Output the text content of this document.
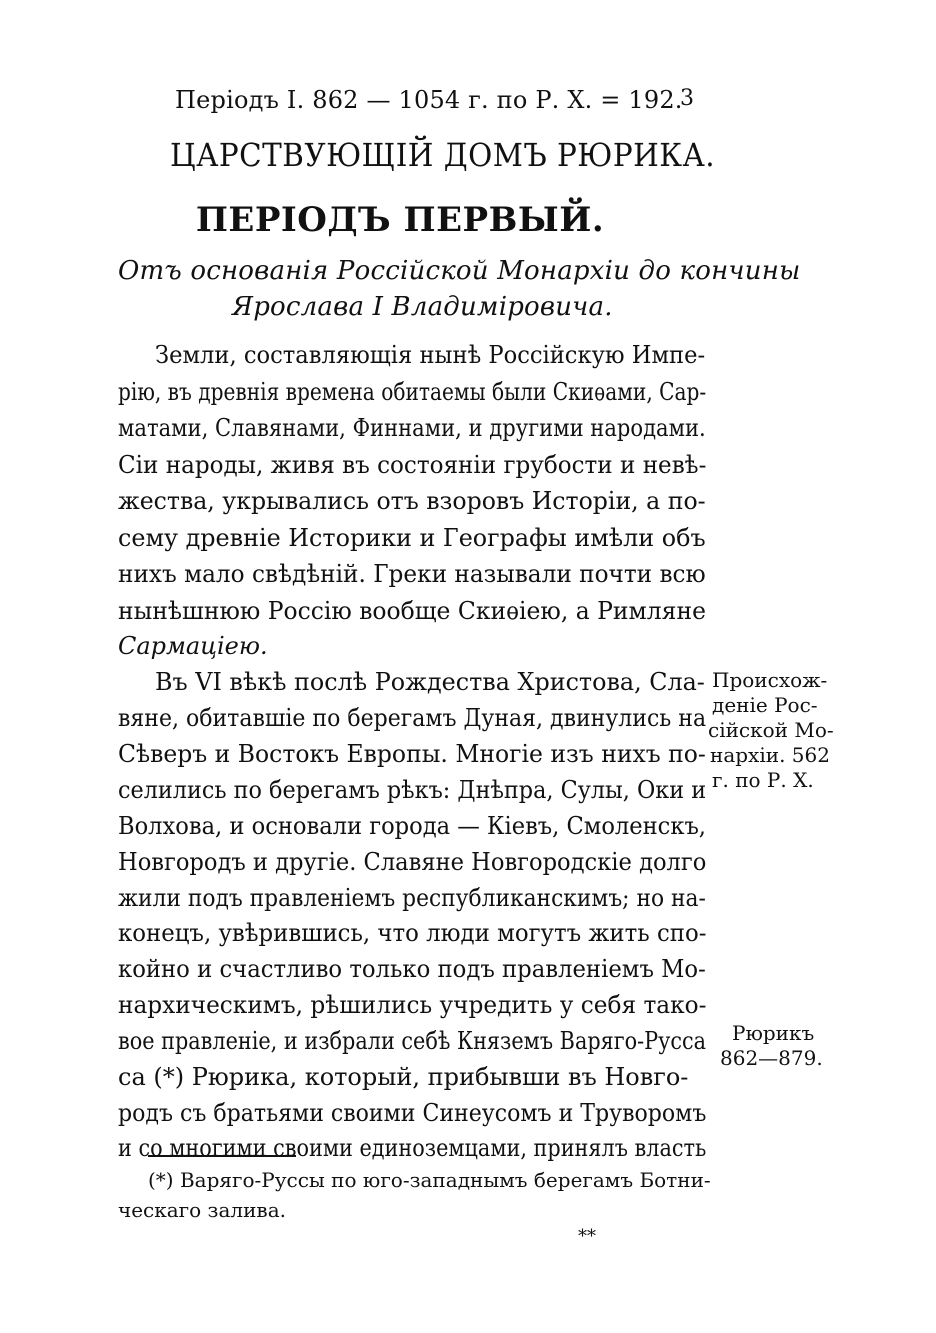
Періодъ I. 862 — 1054 г. по Р. Х. = 192.
3
ЦАРСТВУЮЩІЙ ДОМЪ РЮРИКА.
ПЕРІОДЪ ПЕРВЫЙ.
Отъ основанія Россійской Монархіи до кончины
Ярослава I Владиміровича.
Земли, составляющія нынѣ Россійскую Импе-
рію, въ древнія времена обитаемы были Скиѳами, Сар-
матами, Славянами, Финнами, и другими народами.
Сіи народы, живя въ состояніи грубости и невѣ-
жества, укрывались отъ взоровъ Исторіи, а по-
сему древніе Историки и Географы имѣли объ
нихъ мало свѣдѣній. Греки называли почти всю
нынѣшнюю Россію вообще Скиѳіею, а Римляне
Сармаціею.
Въ VI вѣкѣ послѣ Рождества Христова, Сла-
вяне, обитавшіе по берегамъ Дуная, двинулись на
Сѣверъ и Востокъ Европы. Многіе изъ нихъ по-
селились по берегамъ рѣкъ: Днѣпра, Сулы, Оки и
Волхова, и основали города — Кіевъ, Смоленскъ,
Новгородъ и другіе. Славяне Новгородскіе долго
жили подъ правленіемъ республиканскимъ; но на-
конецъ, увѣрившись, что люди могутъ жить спо-
койно и счастливо только подъ правленіемъ Мо-
нархическимъ, рѣшились учредить у себя тако-
вое правленіе, и избрали себѣ Княземъ Варяго-Русса
са (*) Рюрика, который, прибывши въ Новго-
родъ съ братьями своими Синеусомъ и Труворомъ
и со многими своими единоземцами, принялъ власть
Происхож-
деніе Рос-
сійской Мо-
нархіи. 562
г. по Р. Х.
Рюрикъ
862—879.
(*) Варяго-Руссы по юго-западнымъ берегамъ Ботни-
ческаго залива.
**
